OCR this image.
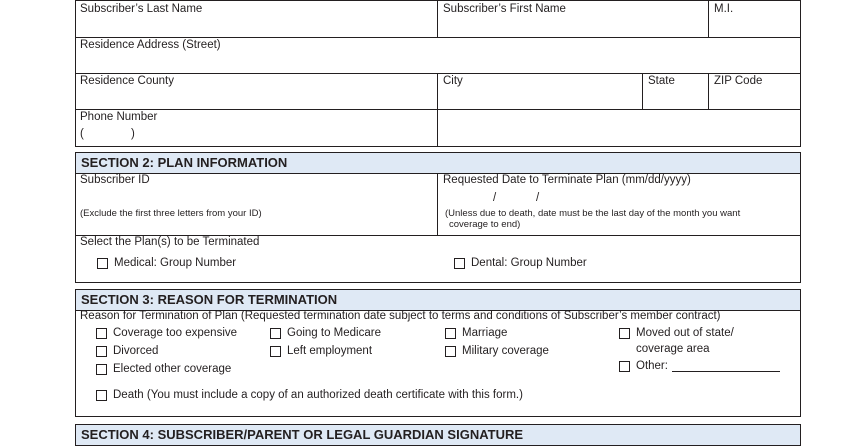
Subscriber’s Last Name	Subscriber’s First Name	M.I.
Residence Address (Street)
Residence County	City	State	ZIP Code
Phone Number
(	)
SECTION 2: PLAN INFORMATION
Subscriber ID
(Exclude the first three letters from your ID)
Requested Date to Terminate Plan (mm/dd/yyyy)
/	/
(Unless due to death, date must be the last day of the month you want
coverage to end)
Select the Plan(s) to be Terminated
Medical: Group Number	Dental: Group Number
SECTION 3: REASON FOR TERMINATION
Reason for Termination of Plan (Requested termination date subject to terms and conditions of Subscriber’s member contract)
Coverage too expensive
Divorced
Elected other coverage
Going to Medicare
Left employment
Marriage
Military coverage
Moved out of state/
coverage area
Other:
Death (You must include a copy of an authorized death certificate with this form.)
SECTION 4: SUBSCRIBER/PARENT OR LEGAL GUARDIAN SIGNATURE
